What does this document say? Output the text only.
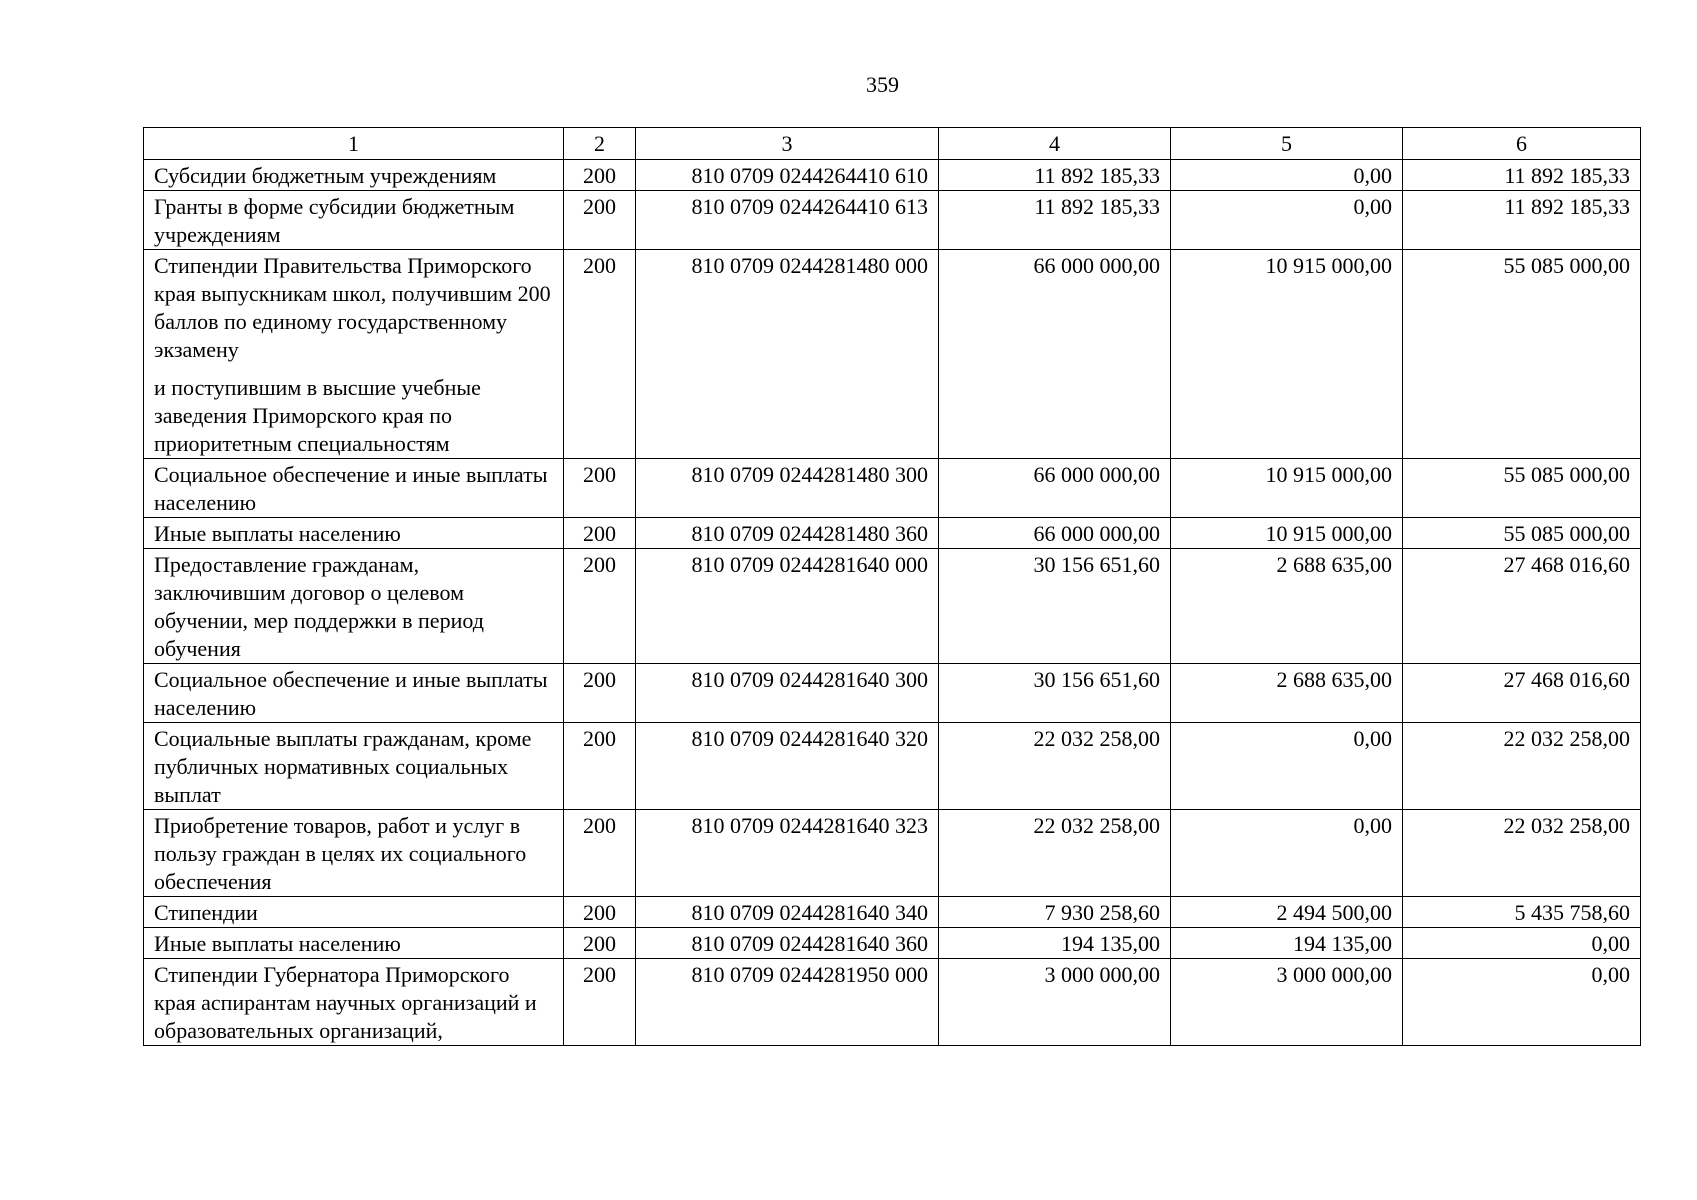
359
1	2	3	4	5	6

Субсидии бюджетным учреждениям	200	810 0709 0244264410 610	11 892 185,33	0,00	11 892 185,33

Гранты в форме субсидии бюджетным учреждениям	200	810 0709 0244264410 613	11 892 185,33	0,00	11 892 185,33

Стипендии Правительства Приморского края выпускникам школ, получившим 200 баллов по единому государственному экзамену
и поступившим в высшие учебные заведения Приморского края по приоритетным специальностям	200	810 0709 0244281480 000	66 000 000,00	10 915 000,00	55 085 000,00

Социальное обеспечение и иные выплаты населению	200	810 0709 0244281480 300	66 000 000,00	10 915 000,00	55 085 000,00

Иные выплаты населению	200	810 0709 0244281480 360	66 000 000,00	10 915 000,00	55 085 000,00

Предоставление гражданам, заключившим договор о целевом обучении, мер поддержки в период обучения	200	810 0709 0244281640 000	30 156 651,60	2 688 635,00	27 468 016,60

Социальное обеспечение и иные выплаты населению	200	810 0709 0244281640 300	30 156 651,60	2 688 635,00	27 468 016,60

Социальные выплаты гражданам, кроме публичных нормативных социальных выплат	200	810 0709 0244281640 320	22 032 258,00	0,00	22 032 258,00

Приобретение товаров, работ и услуг в пользу граждан в целях их социального обеспечения	200	810 0709 0244281640 323	22 032 258,00	0,00	22 032 258,00

Стипендии	200	810 0709 0244281640 340	7 930 258,60	2 494 500,00	5 435 758,60

Иные выплаты населению	200	810 0709 0244281640 360	194 135,00	194 135,00	0,00

Стипендии Губернатора Приморского края аспирантам научных организаций и образовательных организаций,	200	810 0709 0244281950 000	3 000 000,00	3 000 000,00	0,00
